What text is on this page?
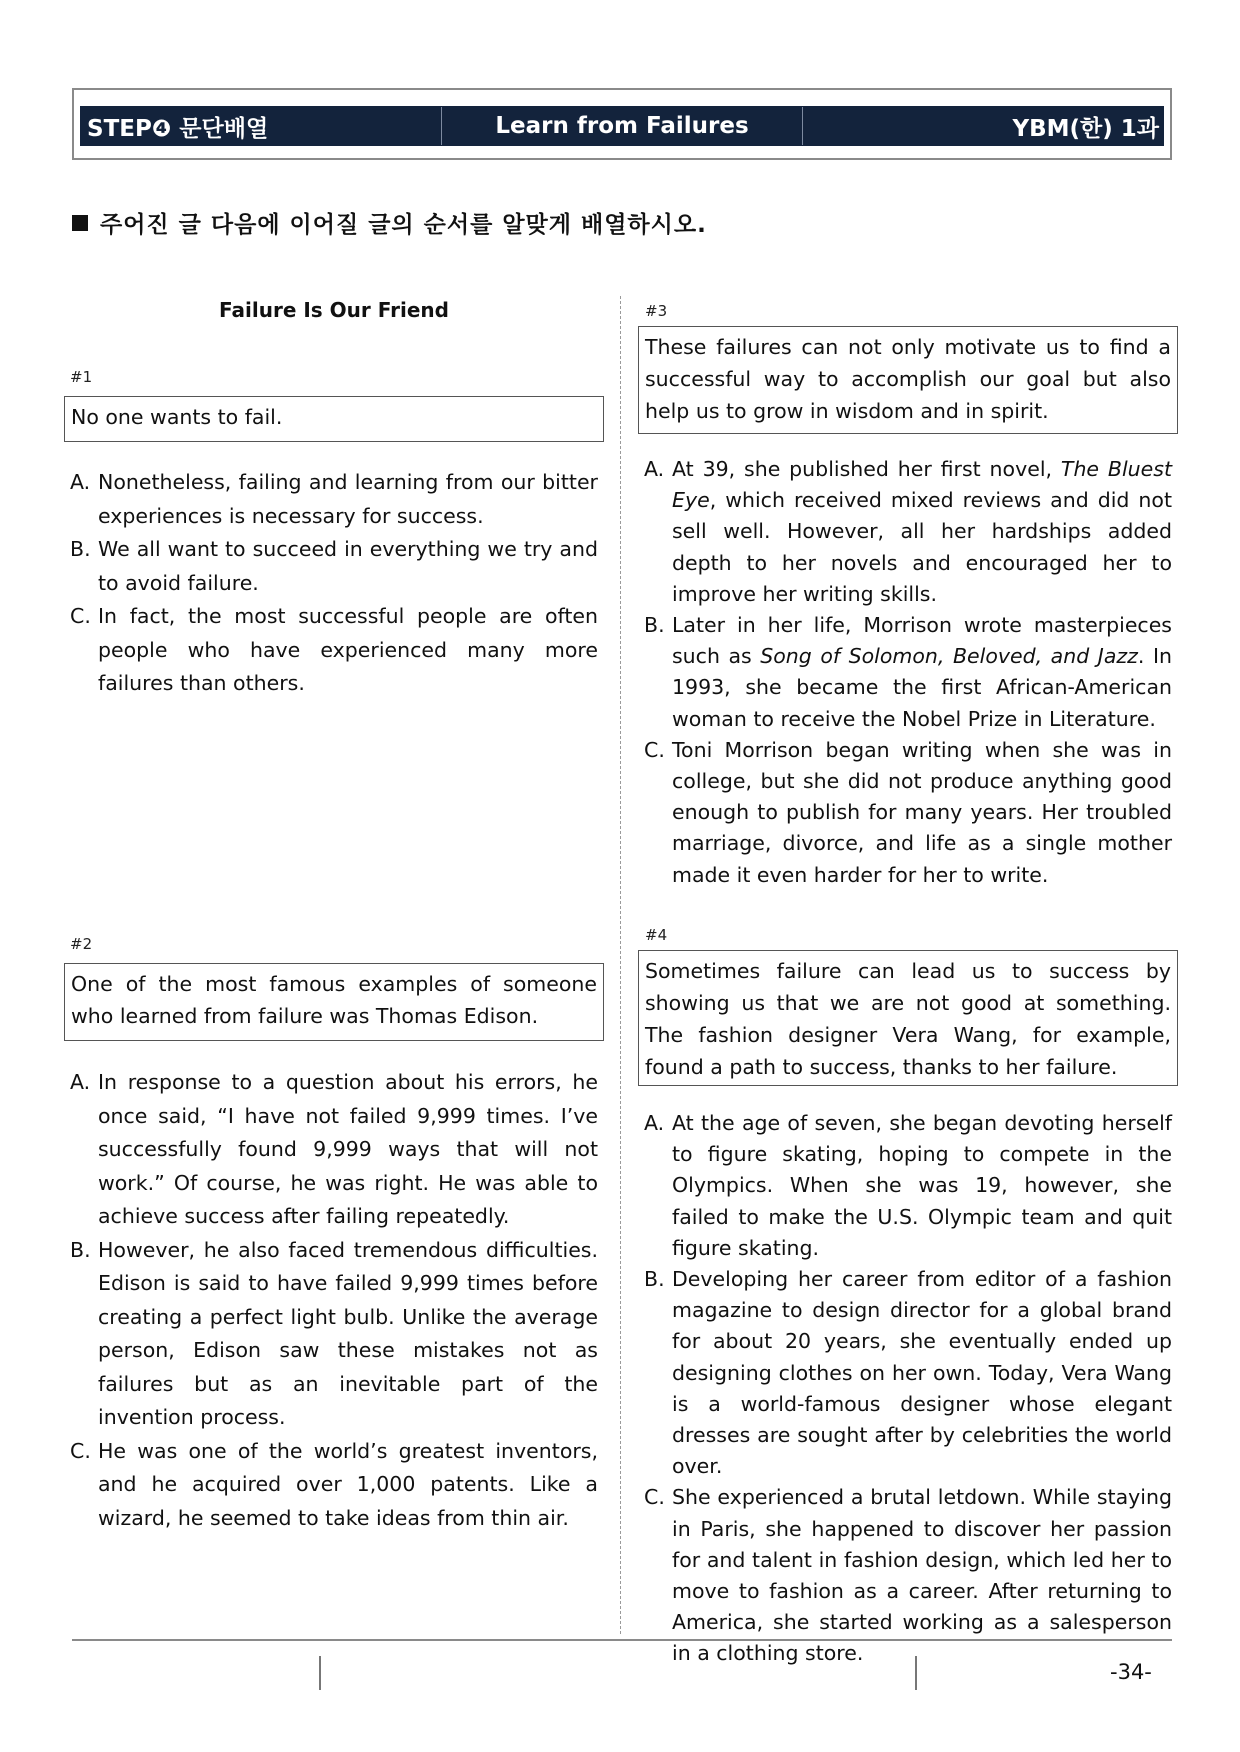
STEP❹ 문단배열	Learn from Failures	YBM(한) 1과
주어진 글 다음에 이어질 글의 순서를 알맞게 배열하시오.
Failure Is Our Friend
#1
No one wants to fail.
A. Nonetheless, failing and learning from our bitter experiences is necessary for success.
B. We all want to succeed in everything we try and to avoid failure.
C. In fact, the most successful people are often people who have experienced many more failures than others.
#2
One of the most famous examples of someone who learned from failure was Thomas Edison.
A. In response to a question about his errors, he once said, “I have not failed 9,999 times. I’ve successfully found 9,999 ways that will not work.” Of course, he was right. He was able to achieve success after failing repeatedly.
B. However, he also faced tremendous difficulties. Edison is said to have failed 9,999 times before creating a perfect light bulb. Unlike the average person, Edison saw these mistakes not as failures but as an inevitable part of the invention process.
C. He was one of the world’s greatest inventors, and he acquired over 1,000 patents. Like a wizard, he seemed to take ideas from thin air.
#3
These failures can not only motivate us to find a successful way to accomplish our goal but also help us to grow in wisdom and in spirit.
A. At 39, she published her first novel, The Bluest Eye, which received mixed reviews and did not sell well. However, all her hardships added depth to her novels and encouraged her to improve her writing skills.
B. Later in her life, Morrison wrote masterpieces such as Song of Solomon, Beloved, and Jazz. In 1993, she became the first African-American woman to receive the Nobel Prize in Literature.
C. Toni Morrison began writing when she was in college, but she did not produce anything good enough to publish for many years. Her troubled marriage, divorce, and life as a single mother made it even harder for her to write.
#4
Sometimes failure can lead us to success by showing us that we are not good at something. The fashion designer Vera Wang, for example, found a path to success, thanks to her failure.
A. At the age of seven, she began devoting herself to figure skating, hoping to compete in the Olympics. When she was 19, however, she failed to make the U.S. Olympic team and quit figure skating.
B. Developing her career from editor of a fashion magazine to design director for a global brand for about 20 years, she eventually ended up designing clothes on her own. Today, Vera Wang is a world-famous designer whose elegant dresses are sought after by celebrities the world over.
C. She experienced a brutal letdown. While staying in Paris, she happened to discover her passion for and talent in fashion design, which led her to move to fashion as a career. After returning to America, she started working as a salesperson in a clothing store.
-34-
